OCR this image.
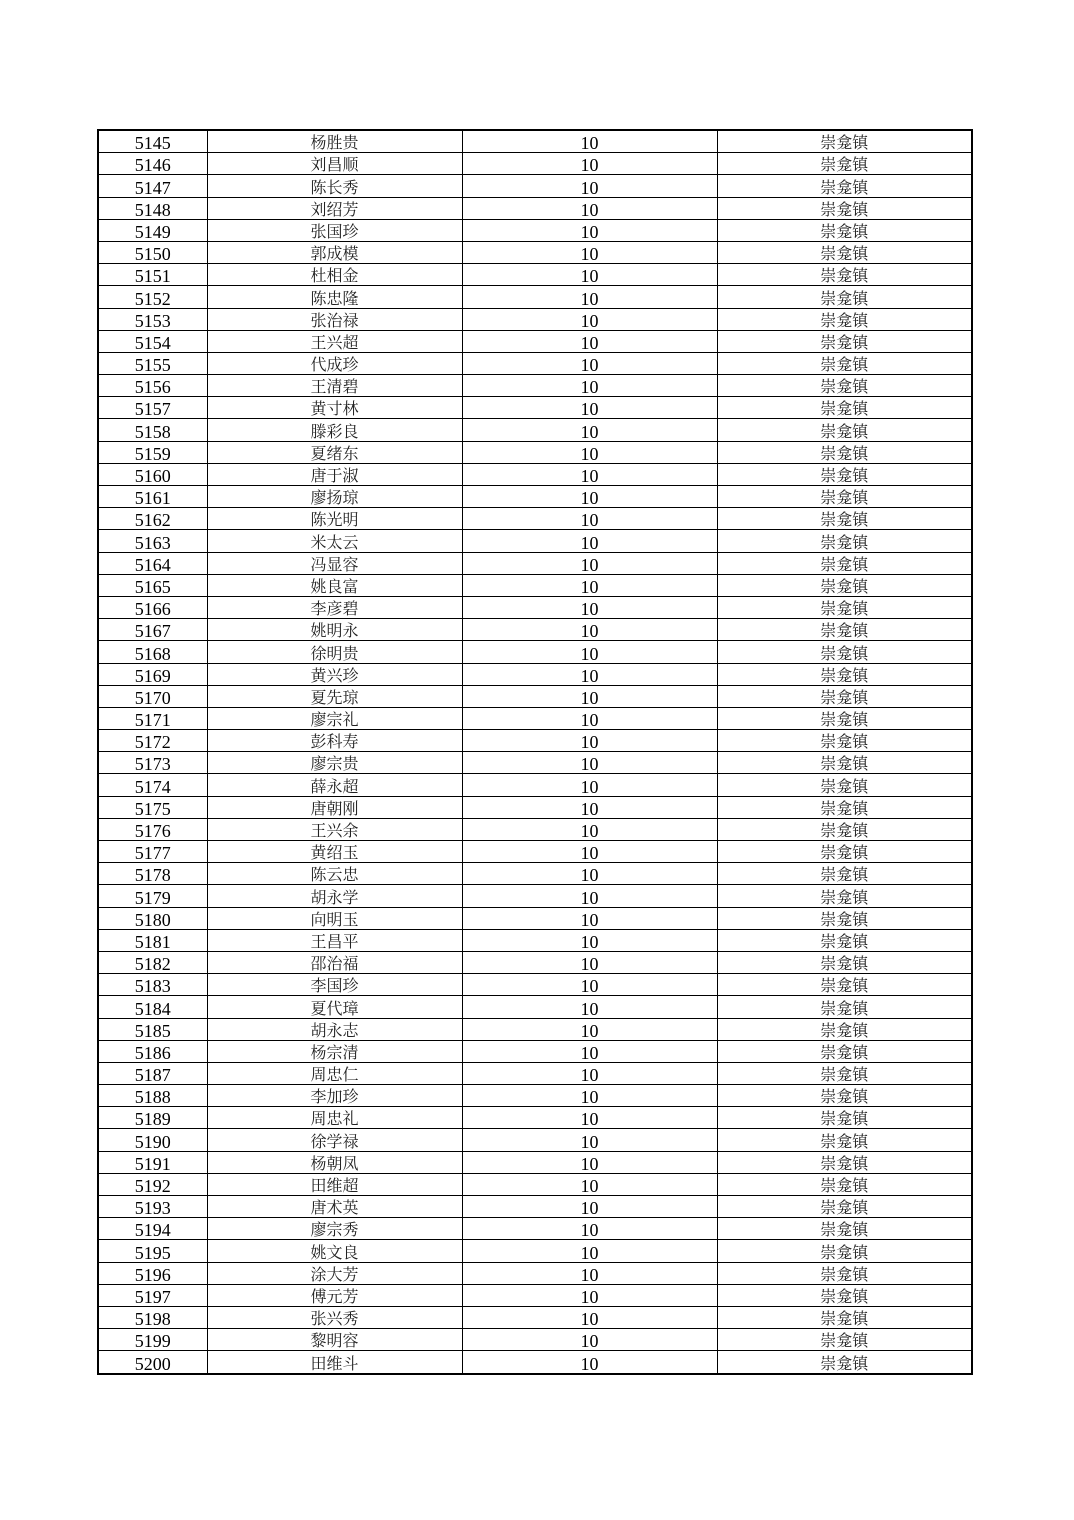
5145	杨胜贵	10	崇龛镇
5146	刘昌顺	10	崇龛镇
5147	陈长秀	10	崇龛镇
5148	刘绍芳	10	崇龛镇
5149	张国珍	10	崇龛镇
5150	郭成模	10	崇龛镇
5151	杜相金	10	崇龛镇
5152	陈忠隆	10	崇龛镇
5153	张治禄	10	崇龛镇
5154	王兴超	10	崇龛镇
5155	代成珍	10	崇龛镇
5156	王清碧	10	崇龛镇
5157	黄寸林	10	崇龛镇
5158	滕彩良	10	崇龛镇
5159	夏绪东	10	崇龛镇
5160	唐于淑	10	崇龛镇
5161	廖扬琼	10	崇龛镇
5162	陈光明	10	崇龛镇
5163	米太云	10	崇龛镇
5164	冯显容	10	崇龛镇
5165	姚良富	10	崇龛镇
5166	李彦碧	10	崇龛镇
5167	姚明永	10	崇龛镇
5168	徐明贵	10	崇龛镇
5169	黄兴珍	10	崇龛镇
5170	夏先琼	10	崇龛镇
5171	廖宗礼	10	崇龛镇
5172	彭科寿	10	崇龛镇
5173	廖宗贵	10	崇龛镇
5174	薛永超	10	崇龛镇
5175	唐朝刚	10	崇龛镇
5176	王兴余	10	崇龛镇
5177	黄绍玉	10	崇龛镇
5178	陈云忠	10	崇龛镇
5179	胡永学	10	崇龛镇
5180	向明玉	10	崇龛镇
5181	王昌平	10	崇龛镇
5182	邵治福	10	崇龛镇
5183	李国珍	10	崇龛镇
5184	夏代璋	10	崇龛镇
5185	胡永志	10	崇龛镇
5186	杨宗清	10	崇龛镇
5187	周忠仁	10	崇龛镇
5188	李加珍	10	崇龛镇
5189	周忠礼	10	崇龛镇
5190	徐学禄	10	崇龛镇
5191	杨朝凤	10	崇龛镇
5192	田维超	10	崇龛镇
5193	唐术英	10	崇龛镇
5194	廖宗秀	10	崇龛镇
5195	姚文良	10	崇龛镇
5196	涂大芳	10	崇龛镇
5197	傅元芳	10	崇龛镇
5198	张兴秀	10	崇龛镇
5199	黎明容	10	崇龛镇
5200	田维斗	10	崇龛镇
